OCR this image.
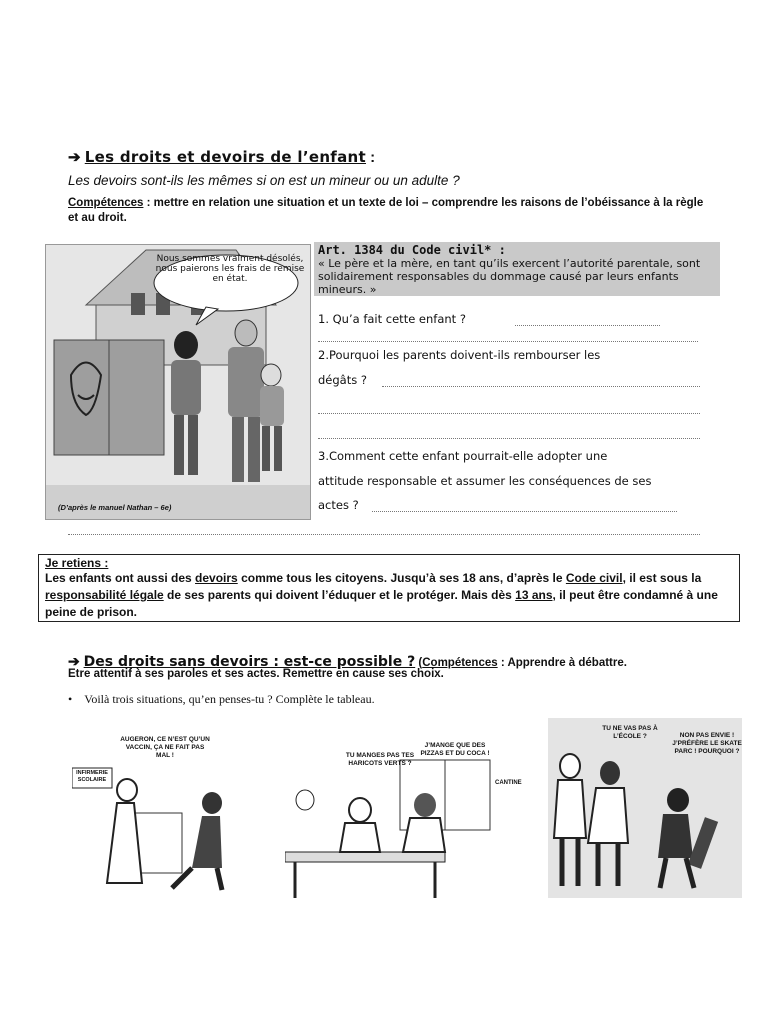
➔ Les droits et devoirs de l’enfant :
Les devoirs sont-ils les mêmes si on est un mineur ou un adulte ?
Compétences : mettre en relation une situation et un texte de loi – comprendre les raisons de l’obéissance à la règle et au droit.
Nous sommes vraiment désolés, nous paierons les frais de remise en état.
(D’après le manuel Nathan – 6e)
Art. 1384 du Code civil* :
« Le père et la mère, en tant qu’ils exercent l’autorité parentale, sont solidairement responsables du dommage causé par leurs enfants mineurs. »
1. Qu’a fait cette enfant ?
2.Pourquoi les parents doivent-ils rembourser les
dégâts ?
3.Comment cette enfant pourrait-elle adopter une
attitude responsable et assumer les conséquences de ses
actes ?
Je retiens :
Les enfants ont aussi des devoirs comme tous les citoyens. Jusqu’à ses 18 ans, d’après le Code civil, il est sous la responsabilité légale de ses parents qui doivent l’éduquer et le protéger. Mais dès 13 ans, il peut être condamné à une peine de prison.
➔ Des droits sans devoirs : est-ce possible ? (Compétences : Apprendre à débattre.
Etre attentif à ses paroles et ses actes. Remettre en cause ses choix.
• Voilà trois situations, qu’en penses-tu ? Complète le tableau.
AUGERON, CE N’EST QU’UN VACCIN, ÇA NE FAIT PAS MAL !
INFIRMERIE SCOLAIRE
TU MANGES PAS TES HARICOTS VERTS ?
J’MANGE QUE DES PIZZAS ET DU COCA !
CANTINE
TU NE VAS PAS À L’ÉCOLE ?	NON PAS ENVIE ! J’PRÉFÈRE LE SKATE PARC ! POURQUOI ?
